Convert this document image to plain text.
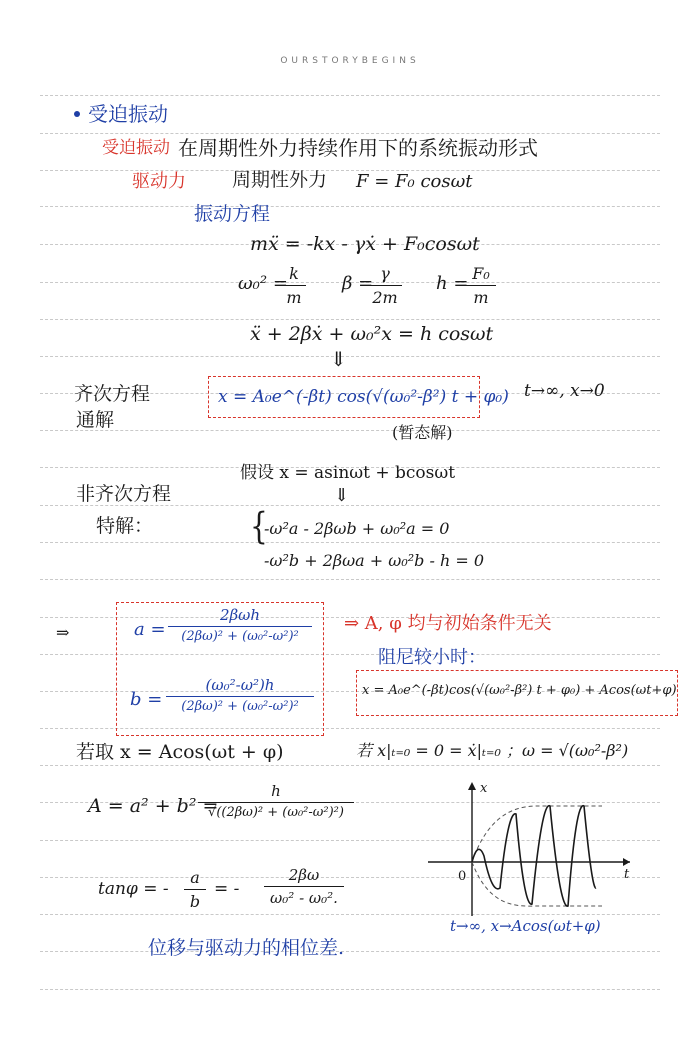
OURSTORYBEGINS
受迫振动
受迫振动 在周期性外力持续作用下的系统振动形式
驱动力 周期性外力 F = F₀ cosωt
振动方程
mẍ = -kx - γẋ + F₀cosωt
ω₀² = k
m
β = γ
2m
h = F₀
m
ẍ + 2βẋ + ω₀²x = h cosωt
⇓
齐次方程
通解
x = A₀e^(-βt) cos(√(ω₀²-β²) t + φ₀) t→∞, x→0
(暂态解)
假设 x = asinωt + bcosωt
⇓
非齐次方程
特解：	{
-ω²a - 2βωb + ω₀²a = 0
-ω²b + 2βωa + ω₀²b - h = 0
⇒	a =
2βωh
(2βω)² + (ω₀²-ω²)²
b =
(ω₀²-ω²)h
(2βω)² + (ω₀²-ω²)²
⇒ A, φ 均与初始条件无关
阻尼较小时：
x = A₀e^(-βt)cos(√(ω₀²-β²) t + φ₀) + Acos(ωt+φ)
若取 x = Acos(ωt + φ)	若 x|ₜ₌₀ = 0 = ẋ|ₜ₌₀ ；ω = √(ω₀²-β²)
A = a² + b² =
h
√((2βω)² + (ω₀²-ω²)²)
tanφ = -
a
b
= -
2βω
ω₀² - ω₀².
位移与驱动力的相位差.
x
t
0
t→∞, x→Acos(ωt+φ)
